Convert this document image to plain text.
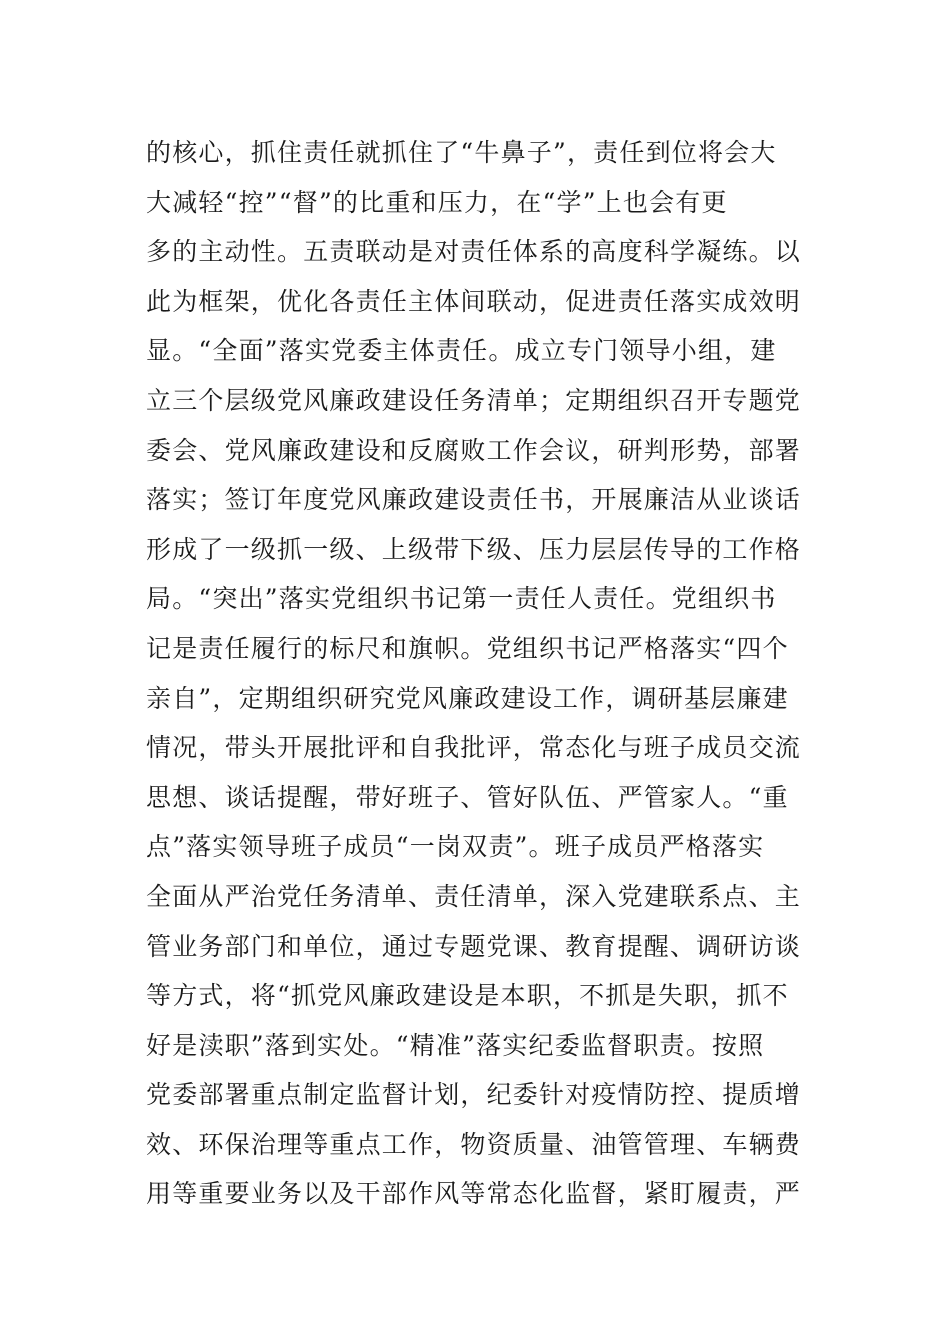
的核心，抓住责任就抓住了“牛鼻子”，责任到位将会大
大减轻“控”“督”的比重和压力，在“学”上也会有更
多的主动性。五责联动是对责任体系的高度科学凝练。以
此为框架，优化各责任主体间联动，促进责任落实成效明
显。“全面”落实党委主体责任。成立专门领导小组，建
立三个层级党风廉政建设任务清单；定期组织召开专题党
委会、党风廉政建设和反腐败工作会议，研判形势，部署
落实；签订年度党风廉政建设责任书，开展廉洁从业谈话
形成了一级抓一级、上级带下级、压力层层传导的工作格
局。“突出”落实党组织书记第一责任人责任。党组织书
记是责任履行的标尺和旗帜。党组织书记严格落实“四个
亲自”，定期组织研究党风廉政建设工作，调研基层廉建
情况，带头开展批评和自我批评，常态化与班子成员交流
思想、谈话提醒，带好班子、管好队伍、严管家人。“重
点”落实领导班子成员“一岗双责”。班子成员严格落实
全面从严治党任务清单、责任清单，深入党建联系点、主
管业务部门和单位，通过专题党课、教育提醒、调研访谈
等方式，将“抓党风廉政建设是本职，不抓是失职，抓不
好是渎职”落到实处。“精准”落实纪委监督职责。按照
党委部署重点制定监督计划，纪委针对疫情防控、提质增
效、环保治理等重点工作，物资质量、油管管理、车辆费
用等重要业务以及干部作风等常态化监督，紧盯履责，严
